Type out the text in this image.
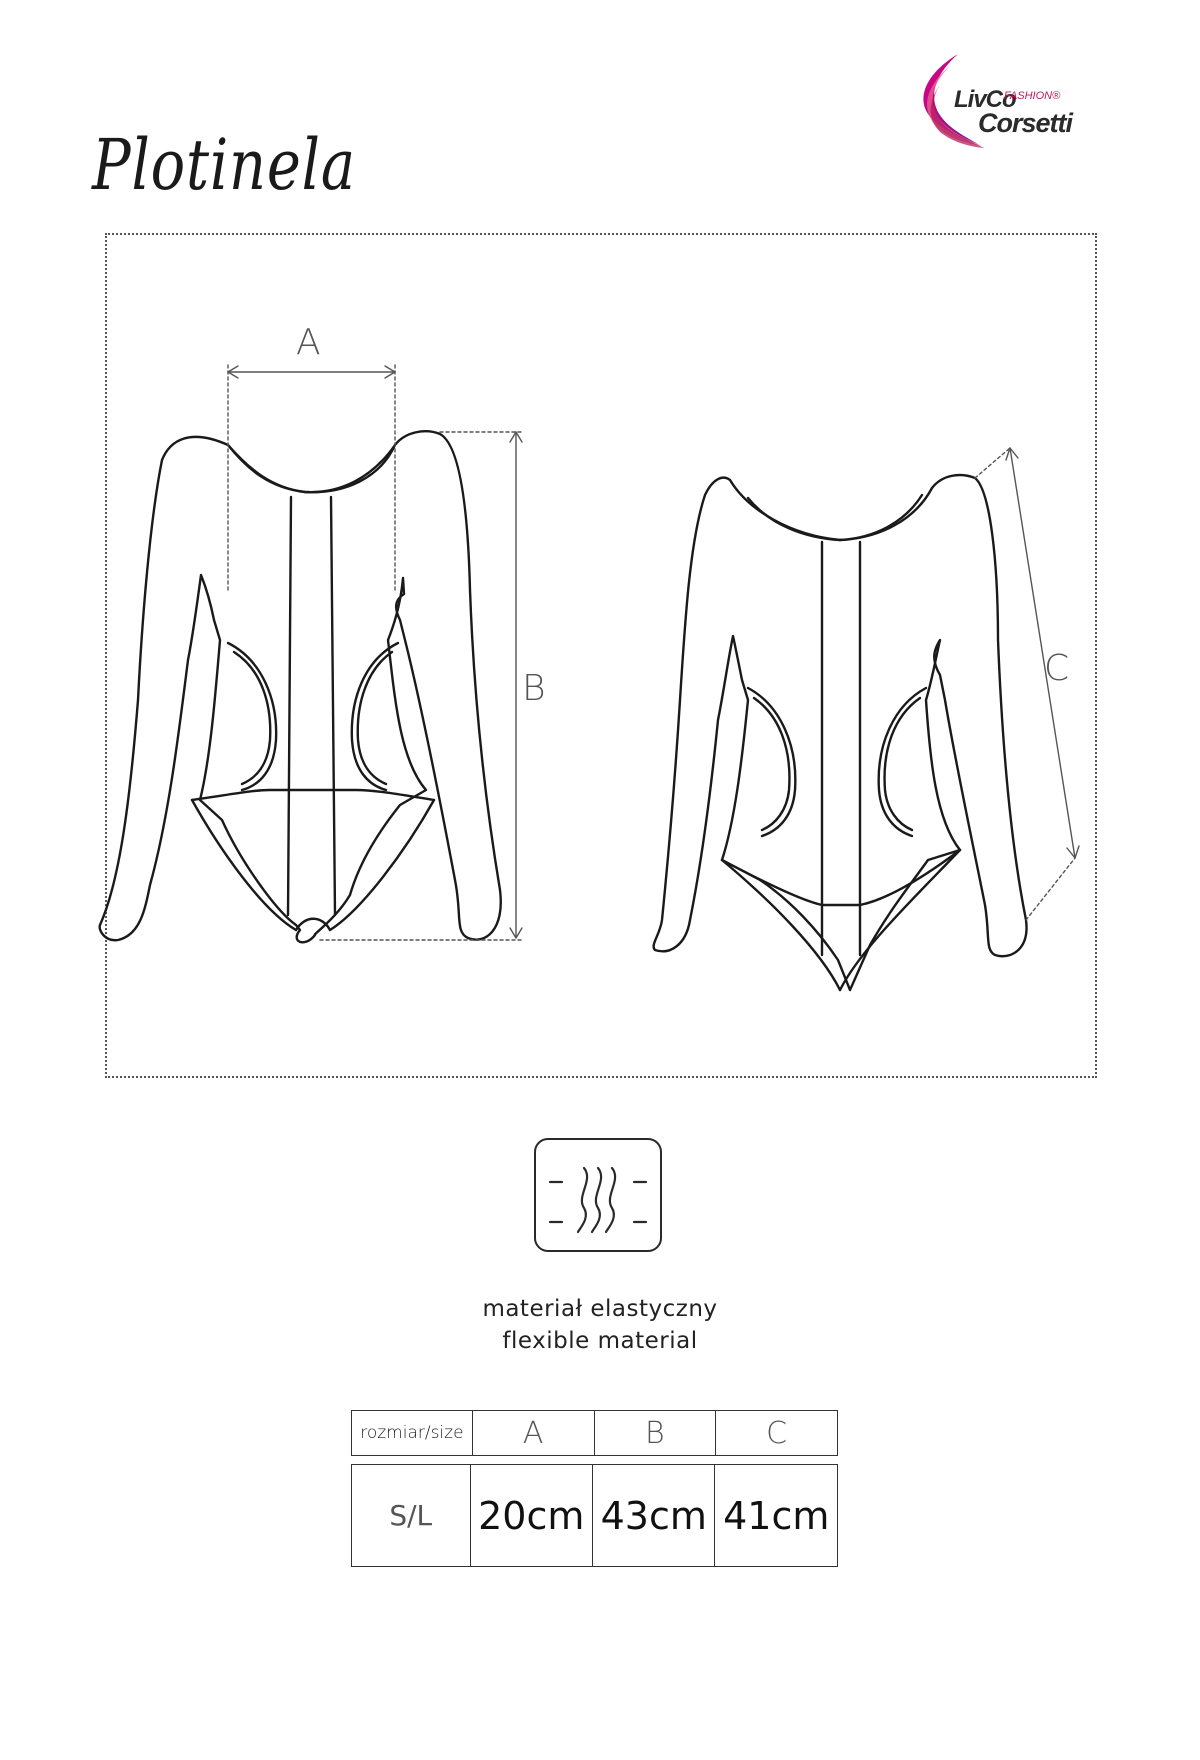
LivCo
FASHION®
Corsetti
Plotinela
A
B	C
materiał elastyczny
flexible material
rozmiar/size	A	B	C
S/L	20cm	43cm	41cm
